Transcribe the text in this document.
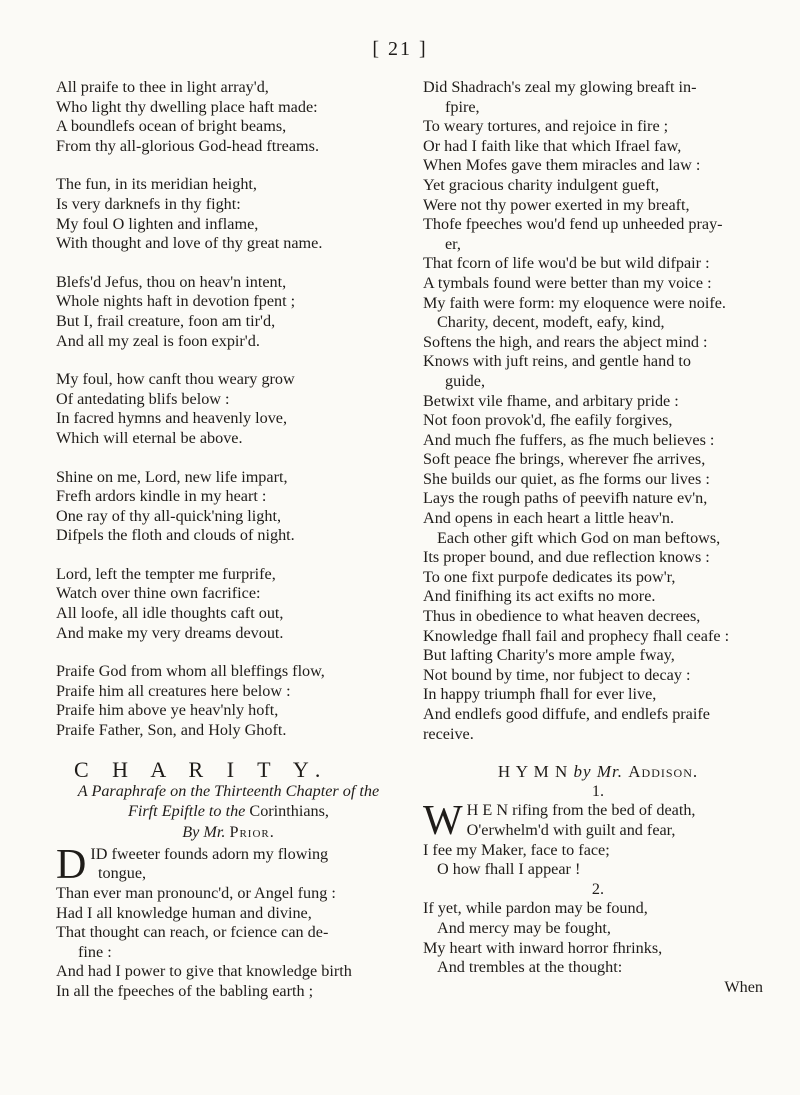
[ 21 ]
All praife to thee in light array'd,
Who light thy dwelling place haft made:
A boundlefs ocean of bright beams,
From thy all-glorious God-head ftreams.
The fun, in its meridian height,
Is very darknefs in thy fight:
My foul O lighten and inflame,
With thought and love of thy great name.
Blefs'd Jefus, thou on heav'n intent,
Whole nights haft in devotion fpent ;
But I, frail creature, foon am tir'd,
And all my zeal is foon expir'd.
My foul, how canft thou weary grow
Of antedating blifs below :
In facred hymns and heavenly love,
Which will eternal be above.
Shine on me, Lord, new life impart,
Frefh ardors kindle in my heart :
One ray of thy all-quick'ning light,
Difpels the floth and clouds of night.
Lord, left the tempter me furprife,
Watch over thine own facrifice:
All loofe, all idle thoughts caft out,
And make my very dreams devout.
Praife God from whom all bleffings flow,
Praife him all creatures here below :
Praife him above ye heav'nly hoft,
Praife Father, Son, and Holy Ghoft.
C H A R I T Y.
A Paraphrafe on the Thirteenth Chapter of the
Firft Epiftle to the Corinthians,
By Mr. Prior.
D ID fweeter founds adorn my flowing
tongue,
Than ever man pronounc'd, or Angel fung :
Had I all knowledge human and divine,
That thought can reach, or fcience can de-
fine :
And had I power to give that knowledge birth
In all the fpeeches of the babling earth ;
Did Shadrach's zeal my glowing breaft in-
fpire,
To weary tortures, and rejoice in fire ;
Or had I faith like that which Ifrael faw,
When Mofes gave them miracles and law :
Yet gracious charity indulgent gueft,
Were not thy power exerted in my breaft,
Thofe fpeeches wou'd fend up unheeded pray-
er,
That fcorn of life wou'd be but wild difpair :
A tymbals found were better than my voice :
My faith were form: my eloquence were noife.
Charity, decent, modeft, eafy, kind,
Softens the high, and rears the abject mind :
Knows with juft reins, and gentle hand to
guide,
Betwixt vile fhame, and arbitary pride :
Not foon provok'd, fhe eafily forgives,
And much fhe fuffers, as fhe much believes :
Soft peace fhe brings, wherever fhe arrives,
She builds our quiet, as fhe forms our lives :
Lays the rough paths of peevifh nature ev'n,
And opens in each heart a little heav'n.
Each other gift which God on man beftows,
Its proper bound, and due reflection knows :
To one fixt purpofe dedicates its pow'r,
And finifhing its act exifts no more.
Thus in obedience to what heaven decrees,
Knowledge fhall fail and prophecy fhall ceafe :
But lafting Charity's more ample fway,
Not bound by time, nor fubject to decay :
In happy triumph fhall for ever live,
And endlefs good diffufe, and endlefs praife
receive.
H Y M N by Mr. Addison.
1.
W H E N rifing from the bed of death,
O'erwhelm'd with guilt and fear,
I fee my Maker, face to face;
O how fhall I appear !
2.
If yet, while pardon may be found,
And mercy may be fought,
My heart with inward horror fhrinks,
And trembles at the thought:
When
